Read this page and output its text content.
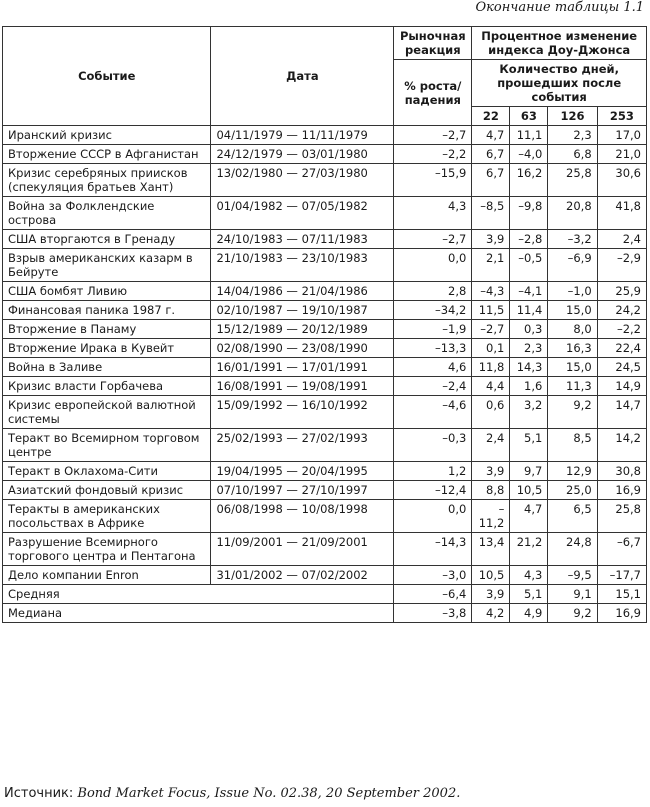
Окончание таблицы 1.1
Событие	Дата	Рыночная реакция	Процентное изменение индекса Доу-Джонса			
		% роста/ падения	Количество дней, прошедших после события			
			22	63	126	253
Иранский кризис	04/11/1979 — 11/11/1979	–2,7	4,7	11,1	2,3	17,0
Вторжение СССР в Афганистан	24/12/1979 — 03/01/1980	–2,2	6,7	–4,0	6,8	21,0
Кризис серебряных приисков (спекуляция братьев Хант)	13/02/1980 — 27/03/1980	–15,9	6,7	16,2	25,8	30,6
Война за Фолклендские острова	01/04/1982 — 07/05/1982	4,3	–8,5	–9,8	20,8	41,8
США вторгаются в Гренаду	24/10/1983 — 07/11/1983	–2,7	3,9	–2,8	–3,2	2,4
Взрыв американских казарм в Бейруте	21/10/1983 — 23/10/1983	0,0	2,1	–0,5	–6,9	–2,9
США бомбят Ливию	14/04/1986 — 21/04/1986	2,8	–4,3	–4,1	–1,0	25,9
Финансовая паника 1987 г.	02/10/1987 — 19/10/1987	–34,2	11,5	11,4	15,0	24,2
Вторжение в Панаму	15/12/1989 — 20/12/1989	–1,9	–2,7	0,3	8,0	–2,2
Вторжение Ирака в Кувейт	02/08/1990 — 23/08/1990	–13,3	0,1	2,3	16,3	22,4
Война в Заливе	16/01/1991 — 17/01/1991	4,6	11,8	14,3	15,0	24,5
Кризис власти Горбачева	16/08/1991 — 19/08/1991	–2,4	4,4	1,6	11,3	14,9
Кризис европейской валютной системы	15/09/1992 — 16/10/1992	–4,6	0,6	3,2	9,2	14,7
Теракт во Всемирном торговом центре	25/02/1993 — 27/02/1993	–0,3	2,4	5,1	8,5	14,2
Теракт в Оклахома-Сити	19/04/1995 — 20/04/1995	1,2	3,9	9,7	12,9	30,8
Азиатский фондовый кризис	07/10/1997 — 27/10/1997	–12,4	8,8	10,5	25,0	16,9
Теракты в американских посольствах в Африке	06/08/1998 — 10/08/1998	0,0	–11,2	4,7	6,5	25,8
Разрушение Всемирного торгового центра и Пентагона	11/09/2001 — 21/09/2001	–14,3	13,4	21,2	24,8	–6,7
Дело компании Enron	31/01/2002 — 07/02/2002	–3,0	10,5	4,3	–9,5	–17,7
Средняя		–6,4	3,9	5,1	9,1	15,1
Медиана		–3,8	4,2	4,9	9,2	16,9
Источник: Bond Market Focus, Issue No. 02.38, 20 September 2002.
